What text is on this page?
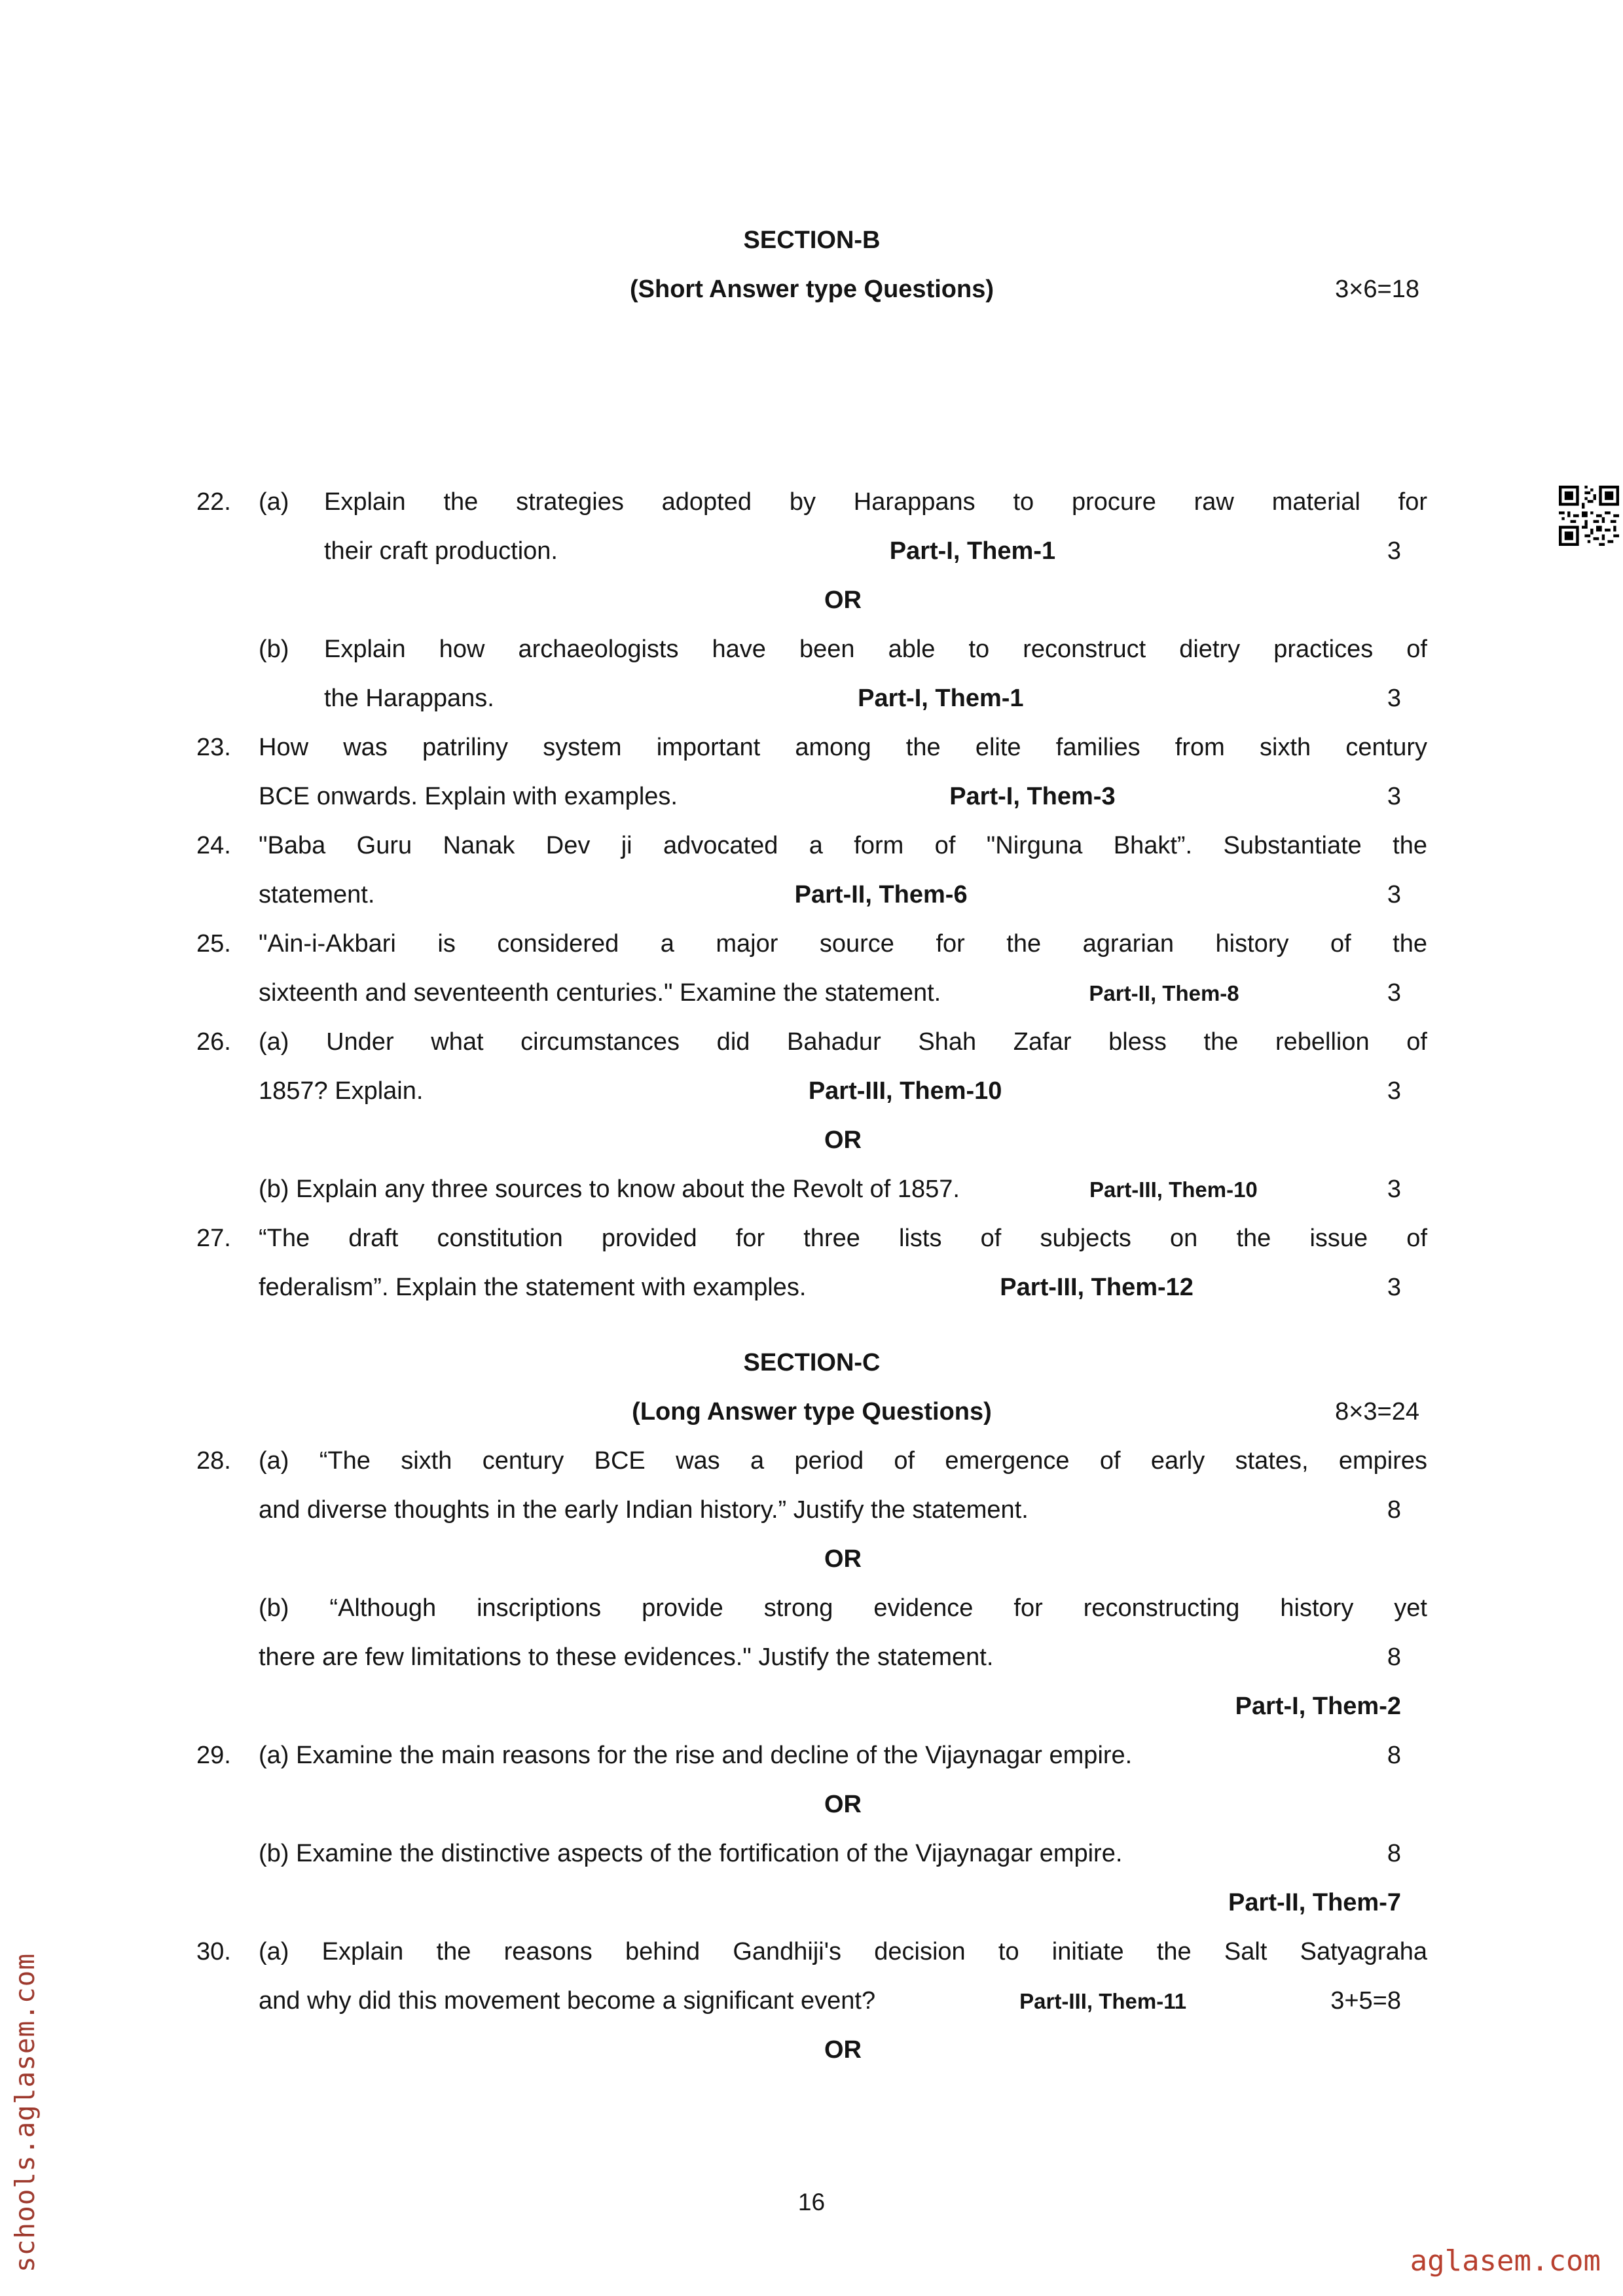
SECTION-B
(Short Answer type Questions)	3×6=18
22.	(a)	Explain the strategies adopted by Harappans to procure raw material for
their craft production.	Part-I, Them-1	3
OR
(b)	Explain how archaeologists have been able to reconstruct dietry practices of
the Harappans.	Part-I, Them-1	3
23.	How was patriliny system important among the elite families from sixth century
BCE onwards. Explain with examples.	Part-I, Them-3	3
24.	"Baba Guru Nanak Dev ji advocated a form of "Nirguna Bhakt”. Substantiate the
statement.	Part-II, Them-6	3
25.	"Ain-i-Akbari is considered a major source for the agrarian history of the
sixteenth and seventeenth centuries." Examine the statement.	Part-II, Them-8	3
26.	(a) Under what circumstances did Bahadur Shah Zafar bless the rebellion of
1857? Explain.	Part-III, Them-10	3
OR
(b) Explain any three sources to know about the Revolt of 1857.	Part-III, Them-10	3
27.	“The draft constitution provided for three lists of subjects on the issue of
federalism”. Explain the statement with examples.	Part-III, Them-12	3
SECTION-C
(Long Answer type Questions)	8×3=24
28.	(a) “The sixth century BCE was a period of emergence of early states, empires
and diverse thoughts in the early Indian history.” Justify the statement.	8
OR
(b) “Although inscriptions provide strong evidence for reconstructing history yet
there are few limitations to these evidences." Justify the statement.	8
Part-I, Them-2
29.	(a) Examine the main reasons for the rise and decline of the Vijaynagar empire.	8
OR
(b) Examine the distinctive aspects of the fortification of the Vijaynagar empire.	8
Part-II, Them-7
30.	(a) Explain the reasons behind Gandhiji's decision to initiate the Salt Satyagraha
and why did this movement become a significant event?	Part-III, Them-11	3+5=8
OR
16
schools.aglasem.com	aglasem.com
